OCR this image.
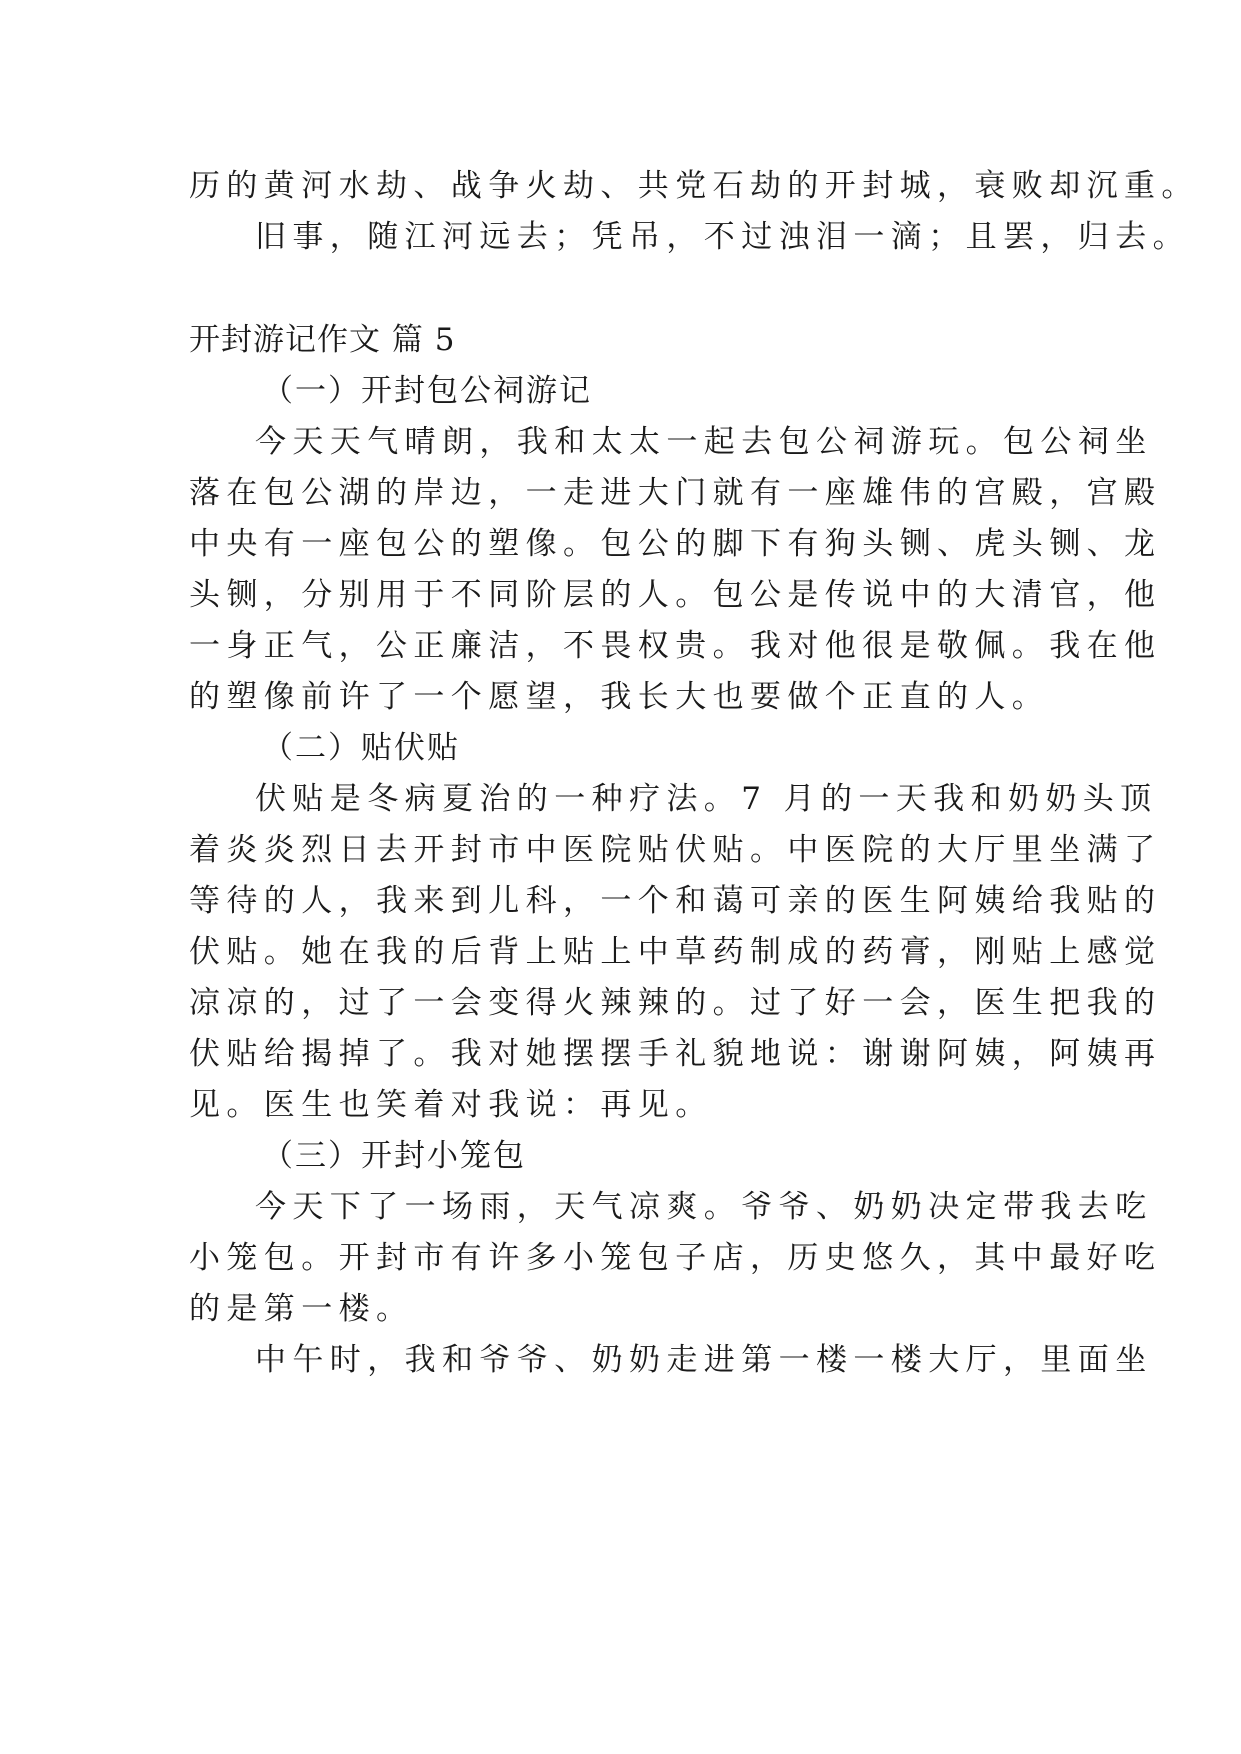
历的黄河水劫、战争火劫、共党石劫的开封城，衰败却沉重。
旧事，随江河远去；凭吊，不过浊泪一滴；且罢，归去。
开封游记作文 篇 5
（一）开封包公祠游记
今天天气晴朗，我和太太一起去包公祠游玩。包公祠坐
落在包公湖的岸边，一走进大门就有一座雄伟的宫殿，宫殿
中央有一座包公的塑像。包公的脚下有狗头铡、虎头铡、龙
头铡，分别用于不同阶层的人。包公是传说中的大清官，他
一身正气，公正廉洁，不畏权贵。我对他很是敬佩。我在他
的塑像前许了一个愿望，我长大也要做个正直的人。
（二）贴伏贴
伏贴是冬病夏治的一种疗法。7 月的一天我和奶奶头顶
着炎炎烈日去开封市中医院贴伏贴。中医院的大厅里坐满了
等待的人，我来到儿科，一个和蔼可亲的医生阿姨给我贴的
伏贴。她在我的后背上贴上中草药制成的药膏，刚贴上感觉
凉凉的，过了一会变得火辣辣的。过了好一会，医生把我的
伏贴给揭掉了。我对她摆摆手礼貌地说：谢谢阿姨，阿姨再
见。医生也笑着对我说：再见。
（三）开封小笼包
今天下了一场雨，天气凉爽。爷爷、奶奶决定带我去吃
小笼包。开封市有许多小笼包子店，历史悠久，其中最好吃
的是第一楼。
中午时，我和爷爷、奶奶走进第一楼一楼大厅，里面坐
